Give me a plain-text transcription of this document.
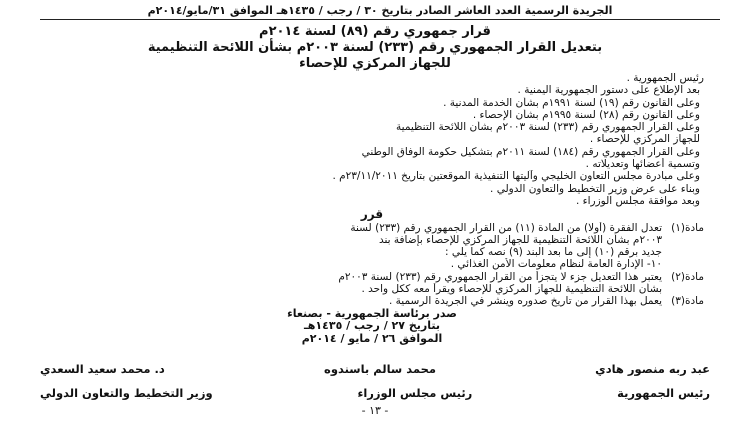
الجريدة الرسمية العدد العاشر الصادر بتاريخ ٣٠ / رجب / ١٤٣٥هـ الموافق ٣١/مايو/٢٠١٤م
قرار جمهوري رقم (٨٩) لسنة ٢٠١٤م
بتعديل القرار الجمهوري رقم (٢٣٣) لسنة ٢٠٠٣م بشأن اللائحة التنظيمية
للجهاز المركزي للإحصاء
رئيس الجمهورية .
بعد الإطلاع على دستور الجمهورية اليمنية .
وعلى القانون رقم (١٩) لسنة ١٩٩١م بشأن الخدمة المدنية .
وعلى القانون رقم (٢٨) لسنة ١٩٩٥م بشأن الإحصاء .
وعلى القرار الجمهوري رقم (٢٣٣) لسنة ٢٠٠٣م بشأن اللائحة التنظيمية
للجهاز المركزي للإحصاء .
وعلى القرار الجمهوري رقم (١٨٤) لسنة ٢٠١١م بتشكيل حكومة الوفاق الوطني
وتسمية أعضائها وتعديلاته .
وعلى مبادرة مجلس التعاون الخليجي وآليتها التنفيذية الموقعتين بتاريخ ٢٣/١١/٢٠١١م .
وبناء على عرض وزير التخطيط والتعاون الدولي .
وبعد موافقة مجلس الوزراء .
قرر
مادة(١)
تعدل الفقرة (أولا) من المادة (١١) من القرار الجمهوري رقم (٢٣٣) لسنة
٢٠٠٣م بشأن اللائحة التنظيمية للجهاز المركزي للإحصاء بإضافة بند
جديد برقم (١٠) إلى ما بعد البند (٩) نصه كما يلي :
١٠- الإدارة العامة لنظام معلومات الأمن الغذائي .
مادة(٢)
يعتبر هذا التعديل جزء لا يتجزأ من القرار الجمهوري رقم (٢٣٣) لسنة ٢٠٠٣م
بشأن اللائحة التنظيمية للجهاز المركزي للإحصاء ويقرأ معه ككل واحد .
مادة(٣)
يعمل بهذا القرار من تاريخ صدوره وينشر في الجريدة الرسمية .
صدر برئاسة الجمهورية - بصنعاء
بتاريخ ٢٧ / رجب / ١٤٣٥هـ
الموافق ٢٦ / مايو / ٢٠١٤م
عبد ربه منصور هادي
محمد سالم باسندوه
د. محمد سعيد السعدي
رئيس الجمهورية
رئيس مجلس الوزراء
وزير التخطيط والتعاون الدولي
- ١٣ -
